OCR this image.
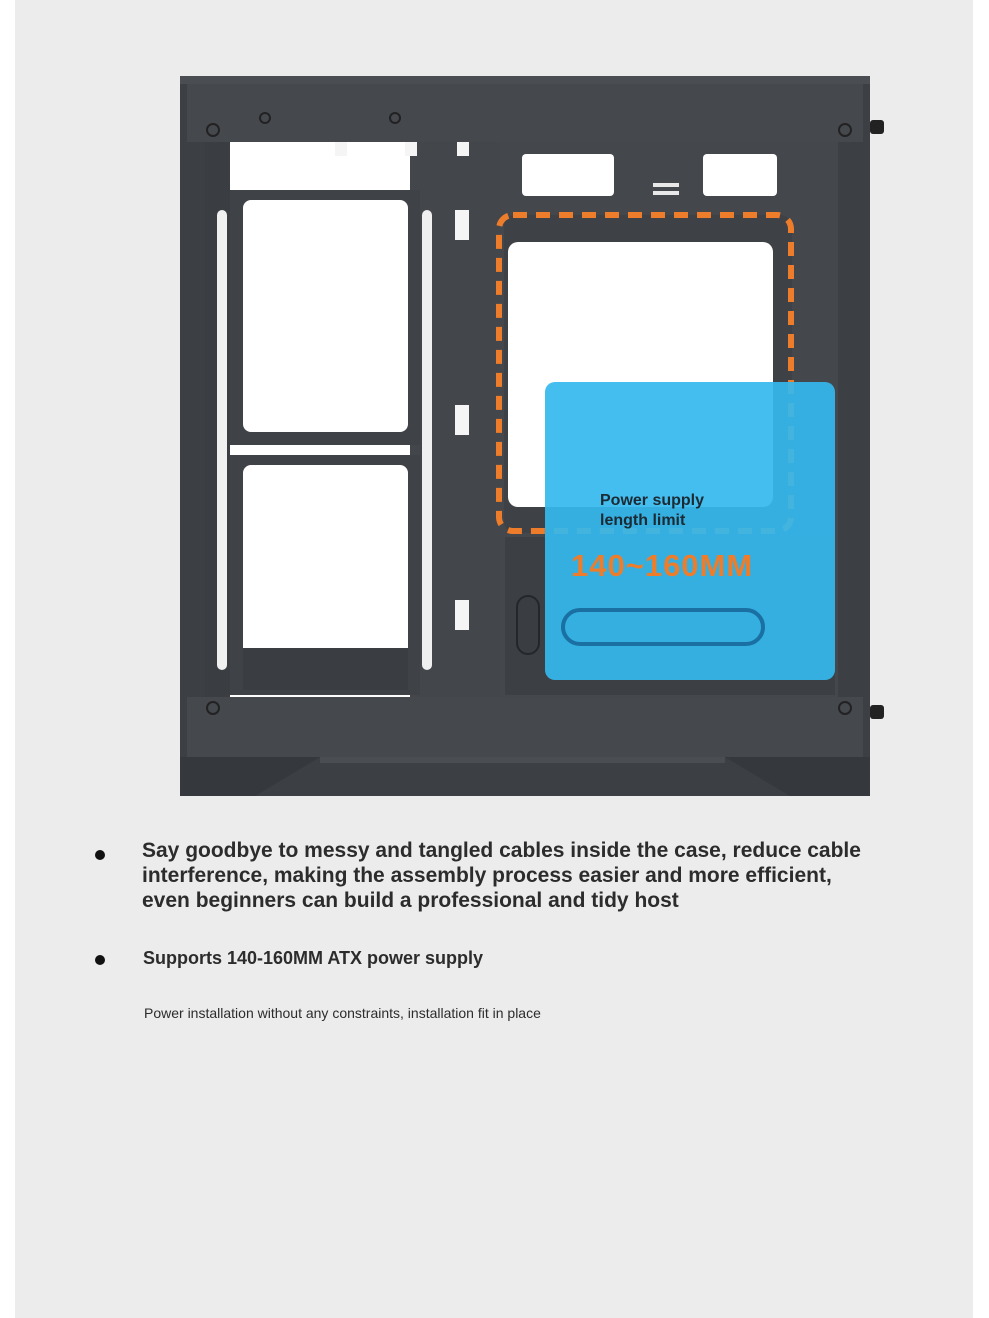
Power supply
length limit
140~160MM
Say goodbye to messy and tangled cables inside the case, reduce cable interference, making the assembly process easier and more efficient, even beginners can build a professional and tidy host
Supports 140-160MM ATX power supply
Power installation without any constraints, installation fit in place
